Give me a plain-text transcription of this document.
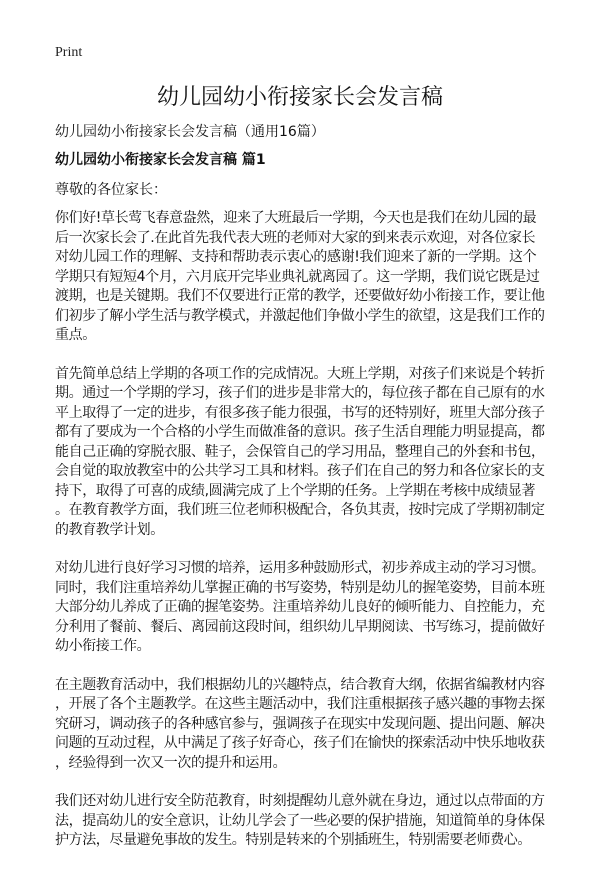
Print
幼儿园幼小衔接家长会发言稿
幼儿园幼小衔接家长会发言稿（通用16篇）
幼儿园幼小衔接家长会发言稿 篇1
尊敬的各位家长：
你们好!草长莺飞春意盎然，迎来了大班最后一学期，今天也是我们在幼儿园的最
后一次家长会了.在此首先我代表大班的老师对大家的到来表示欢迎，对各位家长
对幼儿园工作的理解、支持和帮助表示衷心的感谢!我们迎来了新的一学期。这个
学期只有短短4个月，六月底开完毕业典礼就离园了。这一学期，我们说它既是过
渡期，也是关键期。我们不仅要进行正常的教学，还要做好幼小衔接工作，要让他
们初步了解小学生活与教学模式，并激起他们争做小学生的欲望，这是我们工作的
重点。
首先简单总结上学期的各项工作的完成情况。大班上学期，对孩子们来说是个转折
期。通过一个学期的学习，孩子们的进步是非常大的，每位孩子都在自己原有的水
平上取得了一定的进步，有很多孩子能力很强，书写的还特别好，班里大部分孩子
都有了要成为一个合格的小学生而做准备的意识。孩子生活自理能力明显提高，都
能自己正确的穿脱衣服、鞋子，会保管自己的学习用品，整理自己的外套和书包，
会自觉的取放教室中的公共学习工具和材料。孩子们在自己的努力和各位家长的支
持下，取得了可喜的成绩,圆满完成了上个学期的任务。上学期在考核中成绩显著
。在教育教学方面，我们班三位老师积极配合，各负其责，按时完成了学期初制定
的教育教学计划。
对幼儿进行良好学习习惯的培养，运用多种鼓励形式，初步养成主动的学习习惯。
同时，我们注重培养幼儿掌握正确的书写姿势，特别是幼儿的握笔姿势，目前本班
大部分幼儿养成了正确的握笔姿势。注重培养幼儿良好的倾听能力、自控能力，充
分利用了餐前、餐后、离园前这段时间，组织幼儿早期阅读、书写练习，提前做好
幼小衔接工作。
在主题教育活动中，我们根据幼儿的兴趣特点，结合教育大纲，依据省编教材内容
，开展了各个主题教学。在这些主题活动中，我们注重根据孩子感兴趣的事物去探
究研习，调动孩子的各种感官参与，强调孩子在现实中发现问题、提出问题、解决
问题的互动过程，从中满足了孩子好奇心，孩子们在愉快的探索活动中快乐地收获
，经验得到一次又一次的提升和运用。
我们还对幼儿进行安全防范教育，时刻提醒幼儿意外就在身边，通过以点带面的方
法，提高幼儿的安全意识，让幼儿学会了一些必要的保护措施，知道简单的身体保
护方法，尽量避免事故的发生。特别是转来的个别插班生，特别需要老师费心。
